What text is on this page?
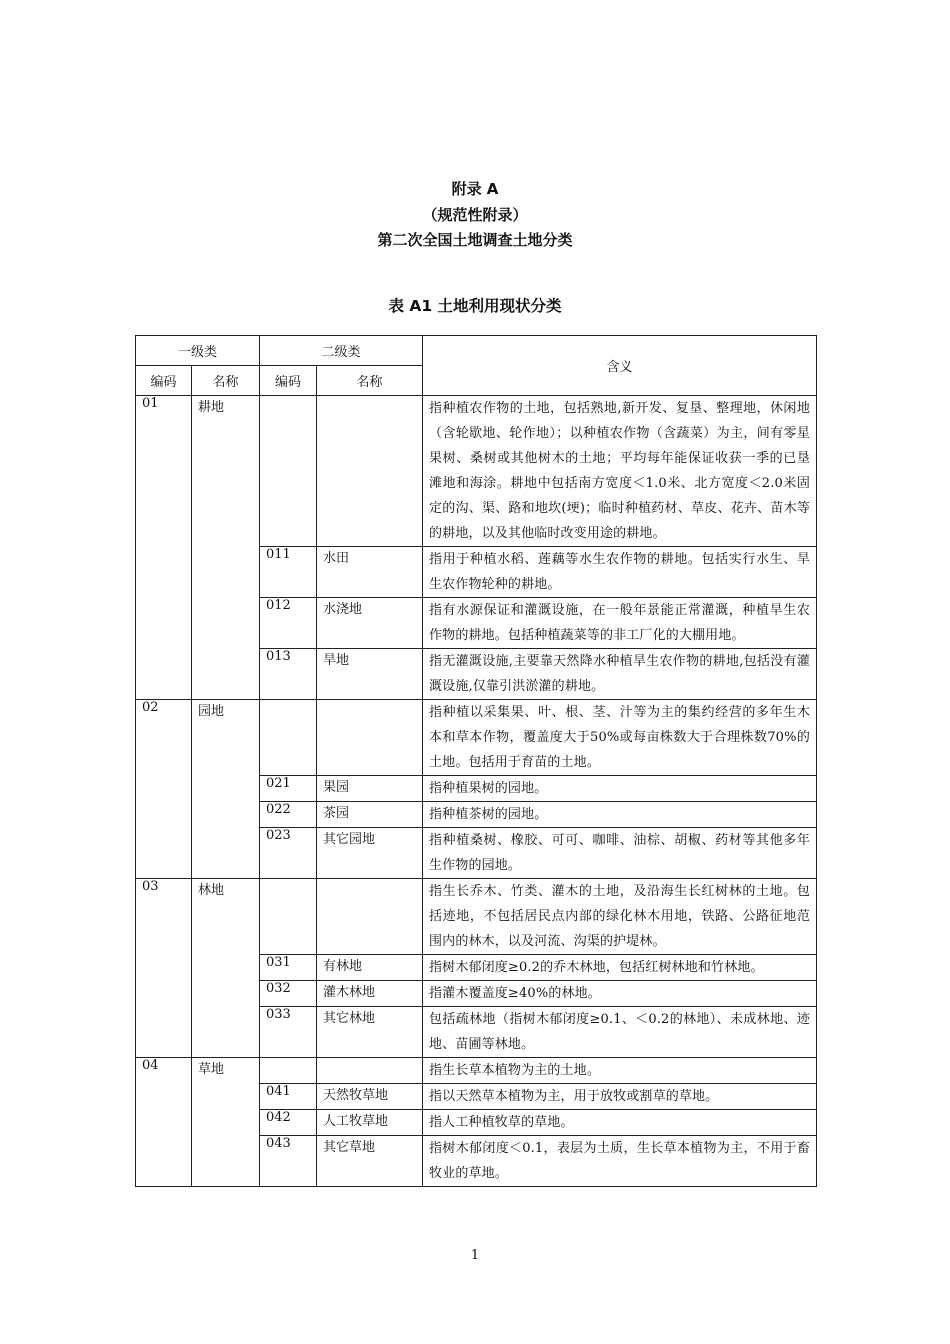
附录 A
（规范性附录）
第二次全国土地调查土地分类
表 A1 土地利用现状分类
一级类		二级类		含义
编码	名称	编码	名称	
01	耕地			指种植农作物的土地，包括熟地,新开发、复垦、整理地，休闲地（含轮歇地、轮作地）；以种植农作物（含蔬菜）为主，间有零星果树、桑树或其他树木的土地；平均每年能保证收获一季的已垦滩地和海涂。耕地中包括南方宽度＜1.0米、北方宽度＜2.0米固定的沟、渠、路和地坎(埂)；临时种植药材、草皮、花卉、苗木等的耕地，以及其他临时改变用途的耕地。
		011	水田	指用于种植水稻、莲藕等水生农作物的耕地。包括实行水生、旱生农作物轮种的耕地。
		012	水浇地	指有水源保证和灌溉设施，在一般年景能正常灌溉，种植旱生农作物的耕地。包括种植蔬菜等的非工厂化的大棚用地。
		013	旱地	指无灌溉设施,主要靠天然降水种植旱生农作物的耕地,包括没有灌溉设施,仅靠引洪淤灌的耕地。
02	园地			指种植以采集果、叶、根、茎、汁等为主的集约经营的多年生木本和草本作物，覆盖度大于50%或每亩株数大于合理株数70%的土地。包括用于育苗的土地。
		021	果园	指种植果树的园地。
		022	茶园	指种植茶树的园地。
		023	其它园地	指种植桑树、橡胶、可可、咖啡、油棕、胡椒、药材等其他多年生作物的园地。
03	林地			指生长乔木、竹类、灌木的土地，及沿海生长红树林的土地。包括迹地，不包括居民点内部的绿化林木用地，铁路、公路征地范围内的林木，以及河流、沟渠的护堤林。
		031	有林地	指树木郁闭度≥0.2的乔木林地，包括红树林地和竹林地。
		032	灌木林地	指灌木覆盖度≥40%的林地。
		033	其它林地	包括疏林地（指树木郁闭度≥0.1、＜0.2的林地）、未成林地、迹地、苗圃等林地。
04	草地			指生长草本植物为主的土地。
		041	天然牧草地	指以天然草本植物为主，用于放牧或割草的草地。
		042	人工牧草地	指人工种植牧草的草地。
		043	其它草地	指树木郁闭度＜0.1，表层为土质，生长草本植物为主，不用于畜牧业的草地。
1
